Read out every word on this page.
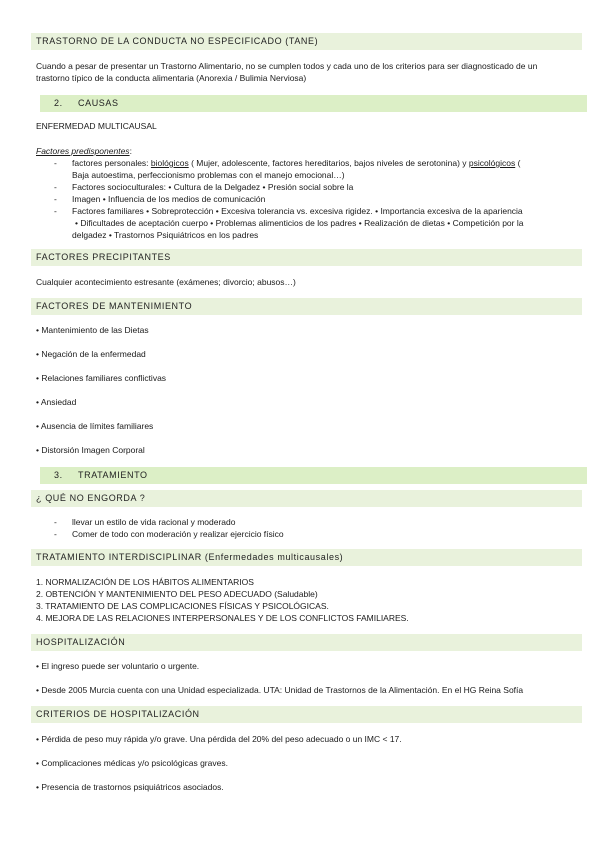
TRASTORNO DE LA CONDUCTA NO ESPECIFICADO (TANE)
Cuando a pesar de presentar un Trastorno Alimentario, no se cumplen todos y cada uno de los criterios para ser diagnosticado de un trastorno típico de la conducta alimentaria (Anorexia / Bulimia Nerviosa)
2. CAUSAS
ENFERMEDAD MULTICAUSAL
Factores predisponentes:
- factores personales: biológicos ( Mujer, adolescente, factores hereditarios, bajos niveles de serotonina) y psicológicos (
Baja autoestima, perfeccionismo problemas con el manejo emocional…)
- Factores socioculturales: • Cultura de la Delgadez • Presión social sobre la
- Imagen • Influencia de los medios de comunicación
- Factores familiares • Sobreprotección • Excesiva tolerancia vs. excesiva rigidez. • Importancia excesiva de la apariencia
• Dificultades de aceptación cuerpo • Problemas alimenticios de los padres • Realización de dietas • Competición por la
delgadez • Trastornos Psiquiátricos en los padres
FACTORES PRECIPITANTES
Cualquier acontecimiento estresante (exámenes; divorcio; abusos…)
FACTORES DE MANTENIMIENTO
• Mantenimiento de las Dietas
• Negación de la enfermedad
• Relaciones familiares conflictivas
• Ansiedad
• Ausencia de límites familiares
• Distorsión Imagen Corporal
3. TRATAMIENTO
¿ QUÉ NO ENGORDA ?
- llevar un estilo de vida racional y moderado
- Comer de todo con moderación y realizar ejercicio físico
TRATAMIENTO INTERDISCIPLINAR (Enfermedades multicausales)
1. NORMALIZACIÓN DE LOS HÁBITOS ALIMENTARIOS
2. OBTENCIÓN Y MANTENIMIENTO DEL PESO ADECUADO (Saludable)
3. TRATAMIENTO DE LAS COMPLICACIONES FÍSICAS Y PSICOLÓGICAS.
4. MEJORA DE LAS RELACIONES INTERPERSONALES Y DE LOS CONFLICTOS FAMILIARES.
HOSPITALIZACIÓN
• El ingreso puede ser voluntario o urgente.
• Desde 2005 Murcia cuenta con una Unidad especializada. UTA: Unidad de Trastornos de la Alimentación. En el HG Reina Sofía
CRITERIOS DE HOSPITALIZACIÓN
• Pérdida de peso muy rápida y/o grave. Una pérdida del 20% del peso adecuado o un IMC < 17.
• Complicaciones médicas y/o psicológicas graves.
• Presencia de trastornos psiquiátricos asociados.
